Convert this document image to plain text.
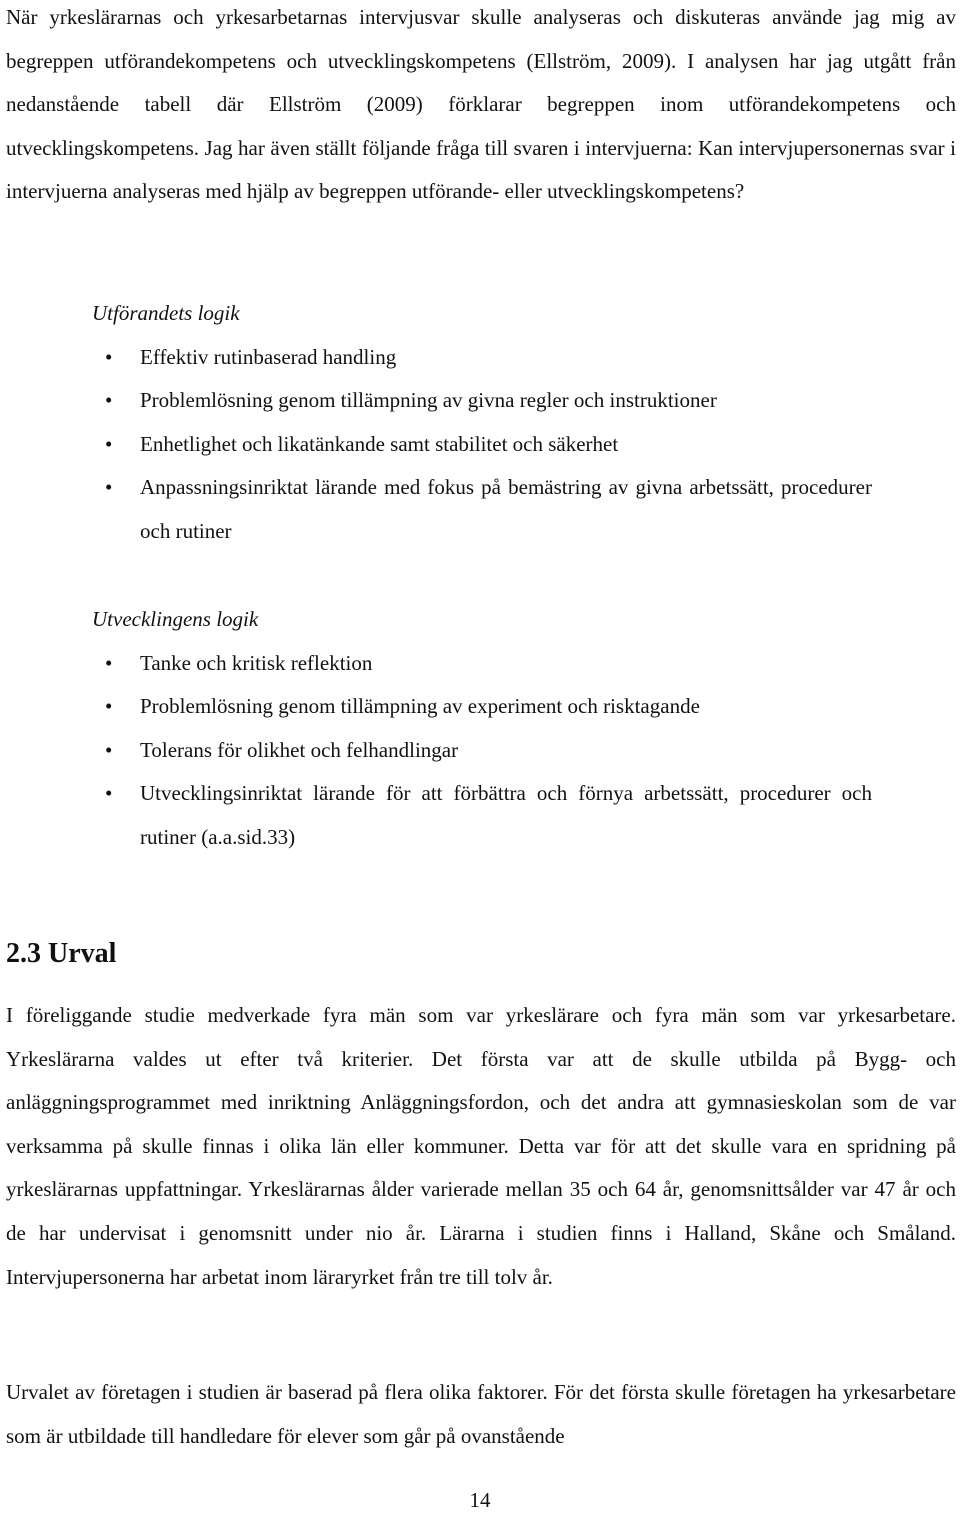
När yrkeslärarnas och yrkesarbetarnas intervjusvar skulle analyseras och diskuteras använde jag mig av begreppen utförandekompetens och utvecklingskompetens (Ellström, 2009). I analysen har jag utgått från nedanstående tabell där Ellström (2009) förklarar begreppen inom utförandekompetens och utvecklingskompetens. Jag har även ställt följande fråga till svaren i intervjuerna: Kan intervjupersonernas svar i intervjuerna analyseras med hjälp av begreppen utförande- eller utvecklingskompetens?

Utförandets logik

• Effektiv rutinbaserad handling
• Problemlösning genom tillämpning av givna regler och instruktioner
• Enhetlighet och likatänkande samt stabilitet och säkerhet
• Anpassningsinriktat lärande med fokus på bemästring av givna arbetssätt, procedurer och rutiner

Utvecklingens logik

• Tanke och kritisk reflektion
• Problemlösning genom tillämpning av experiment och risktagande
• Tolerans för olikhet och felhandlingar
• Utvecklingsinriktat lärande för att förbättra och förnya arbetssätt, procedurer och rutiner (a.a.sid.33)
2.3 Urval

I föreliggande studie medverkade fyra män som var yrkeslärare och fyra män som var yrkesarbetare. Yrkeslärarna valdes ut efter två kriterier. Det första var att de skulle utbilda på Bygg- och anläggningsprogrammet med inriktning Anläggningsfordon, och det andra att gymnasieskolan som de var verksamma på skulle finnas i olika län eller kommuner. Detta var för att det skulle vara en spridning på yrkeslärarnas uppfattningar. Yrkeslärarnas ålder varierade mellan 35 och 64 år, genomsnittsålder var 47 år och de har undervisat i genomsnitt under nio år. Lärarna i studien finns i Halland, Skåne och Småland. Intervjupersonerna har arbetat inom läraryrket från tre till tolv år.

Urvalet av företagen i studien är baserad på flera olika faktorer. För det första skulle företagen ha yrkesarbetare som är utbildade till handledare för elever som går på ovanstående

14
